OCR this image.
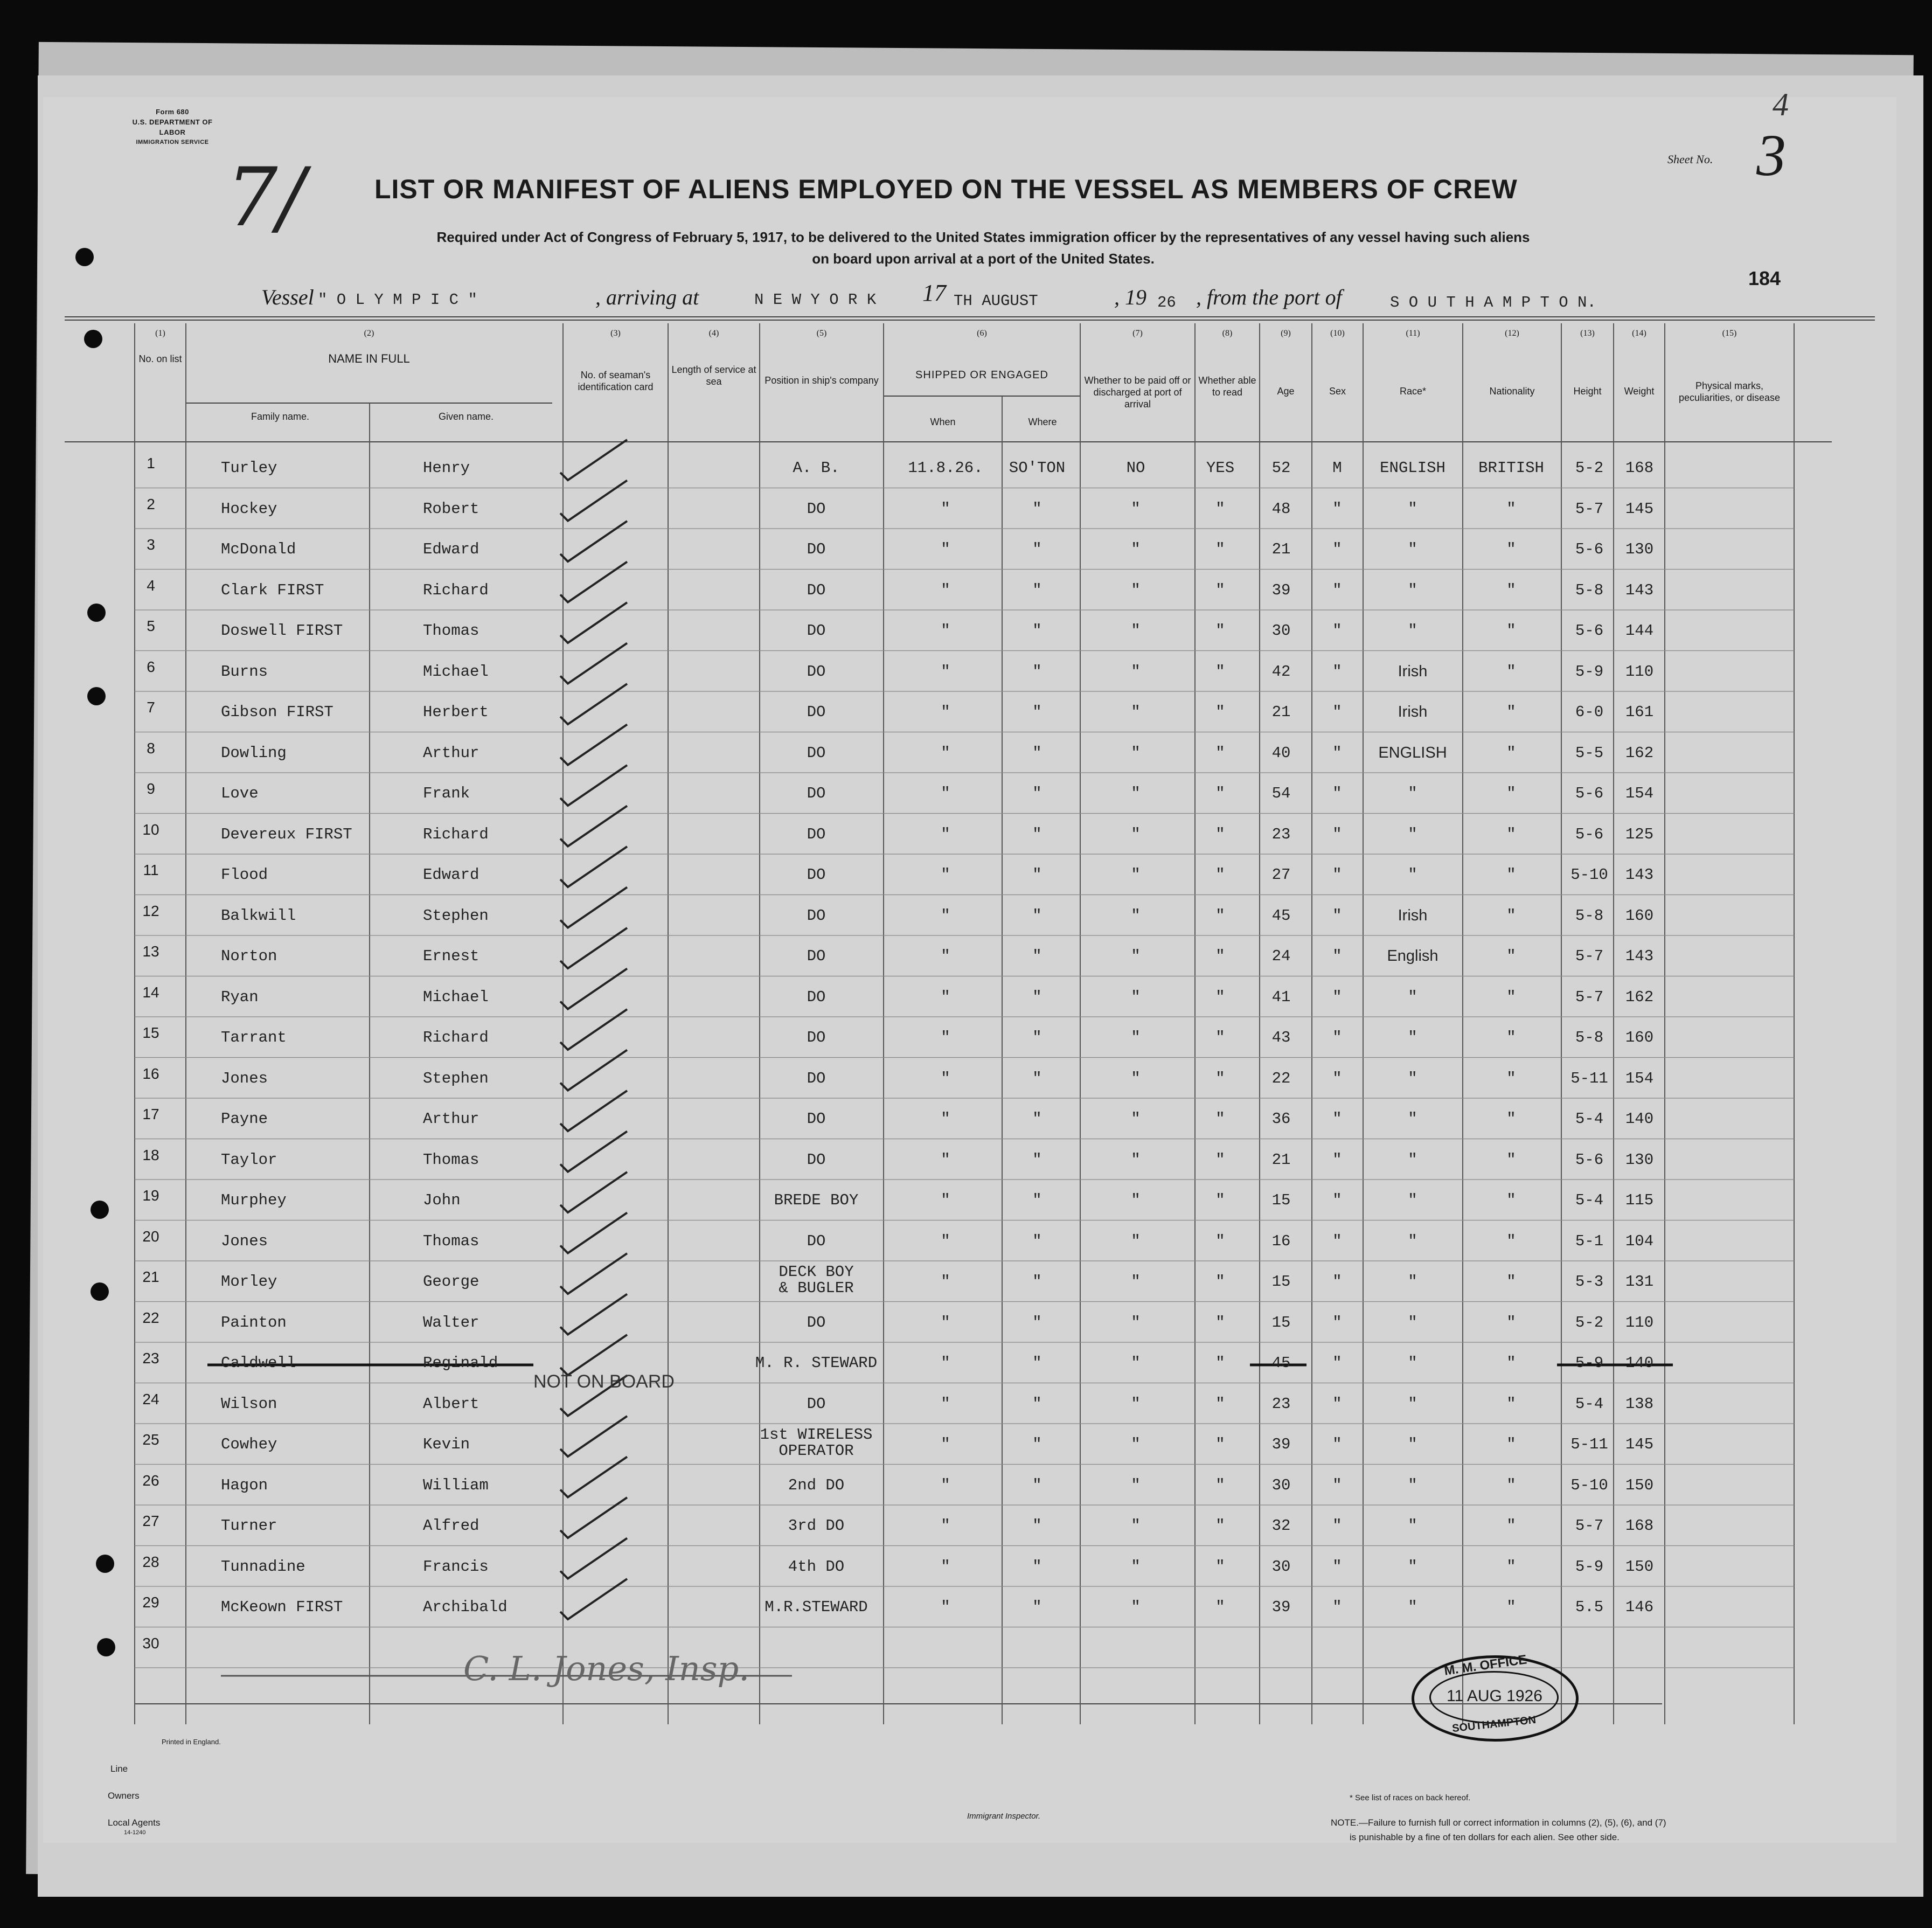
Form 680
U.S. DEPARTMENT OF LABOR
IMMIGRATION SERVICE
7/	Sheet No. 3
4
LIST OR MANIFEST OF ALIENS EMPLOYED ON THE VESSEL AS MEMBERS OF CREW
Required under Act of Congress of February 5, 1917, to be delivered to the United States immigration officer by the representatives of any vessel having such aliens
on board upon arrival at a port of the United States.
184
Vessel " O L Y M P I C "	, arriving at	N E W Y O R K 17 TH AUGUST	, 19 26 , from the port of	S O U T H A M P T O N.
(1)
No. on list
(2)
NAME IN FULL
(3)
No. of seaman's identification card
(4)
Length of service at sea
(5)
Position in ship's company
(6)
SHIPPED OR ENGAGED
(7)
Whether to be paid off or discharged at port of arrival
(8)
Whether able to read
(9)
Age
(10)
Sex
(11)
Race*
(12)
Nationality
(13)
Height
(14)
Weight
(15)
Physical marks, peculiarities, or disease
Family name.	Given name.	When	Where
1	Turley	Henry	A. B.	11.8.26. SO'TON	NO	YES 52	M ENGLISH BRITISH 5-2 168
2	Hockey	Robert	DO	"	"	"	"	48	"	"	"	5-7 145
3	McDonald	Edward	DO	"	"	"	"	21	"	"	"	5-6 130
4	Clark FIRST	Richard	DO	"	"	"	"	39	"	"	"	5-8 143
5	Doswell FIRST	Thomas	DO	"	"	"	"	30	"	"	"	5-6 144
6	Burns	Michael	DO	"	"	"	"	42	"	Irish	"	5-9 110
7	Gibson FIRST	Herbert	DO	"	"	"	"	21	"	Irish	"	6-0 161
8	Dowling	Arthur	DO	"	"	"	"	40	" ENGLISH	"	5-5 162
9	Love	Frank	DO	"	"	"	"	54	"	"	"	5-6 154
10	Devereux FIRST	Richard	DO	"	"	"	"	23	"	"	"	5-6 125
11	Flood	Edward	DO	"	"	"	"	27	"	"	"	5-10 143
12	Balkwill	Stephen	DO	"	"	"	"	45	"	Irish	"	5-8 160
13	Norton	Ernest	DO	"	"	"	"	24	"	English	"	5-7 143
14	Ryan	Michael	DO	"	"	"	"	41	"	"	"	5-7 162
15	Tarrant	Richard	DO	"	"	"	"	43	"	"	"	5-8 160
16	Jones	Stephen	DO	"	"	"	"	22	"	"	"	5-11 154
17	Payne	Arthur	DO	"	"	"	"	36	"	"	"	5-4 140
18	Taylor	Thomas	DO	"	"	"	"	21	"	"	"	5-6 130
19	Murphey	John	BREDE BOY	"	"	"	"	15	"	"	"	5-4 115
20	Jones	Thomas	DO	"	"	"	"	16	"	"	"	5-1 104
21	Morley	George
DECK BOY
& BUGLER	"	"	"	"	15	"	"	"	5-3 131
22	Painton	Walter	DO	"	"	"	"	15	"	"	"	5-2 110
23	Caldwell	Reginald	M. R. STEWARD	"	"	"	"	45	"	"	"	5-9 140
24	Wilson	Albert	DO	"	"	"	"	23	"	"	"	5-4 138
25	Cowhey	Kevin
1st WIRELESS
OPERATOR	"	"	"	"	39	"	"	"	5-11 145
26	Hagon	William	2nd DO	"	"	"	"	30	"	"	"	5-10 150
27	Turner	Alfred	3rd DO	"	"	"	"	32	"	"	"	5-7 168
28	Tunnadine	Francis	4th DO	"	"	"	"	30	"	"	"	5-9 150
29	McKeown FIRST	Archibald	M.R.STEWARD	"	"	"	"	39	"	"	"	5.5 146
30
NOT ON BOARD
C. L. Jones, Insp.	M. M. OFFICE
11 AUG 1926
SOUTHAMPTON
Printed in England.
Line
Owners
Local Agents
14-1240
Immigrant Inspector.
* See list of races on back hereof.
NOTE.—Failure to furnish full or correct information in columns (2), (5), (6), and (7)
is punishable by a fine of ten dollars for each alien. See other side.
